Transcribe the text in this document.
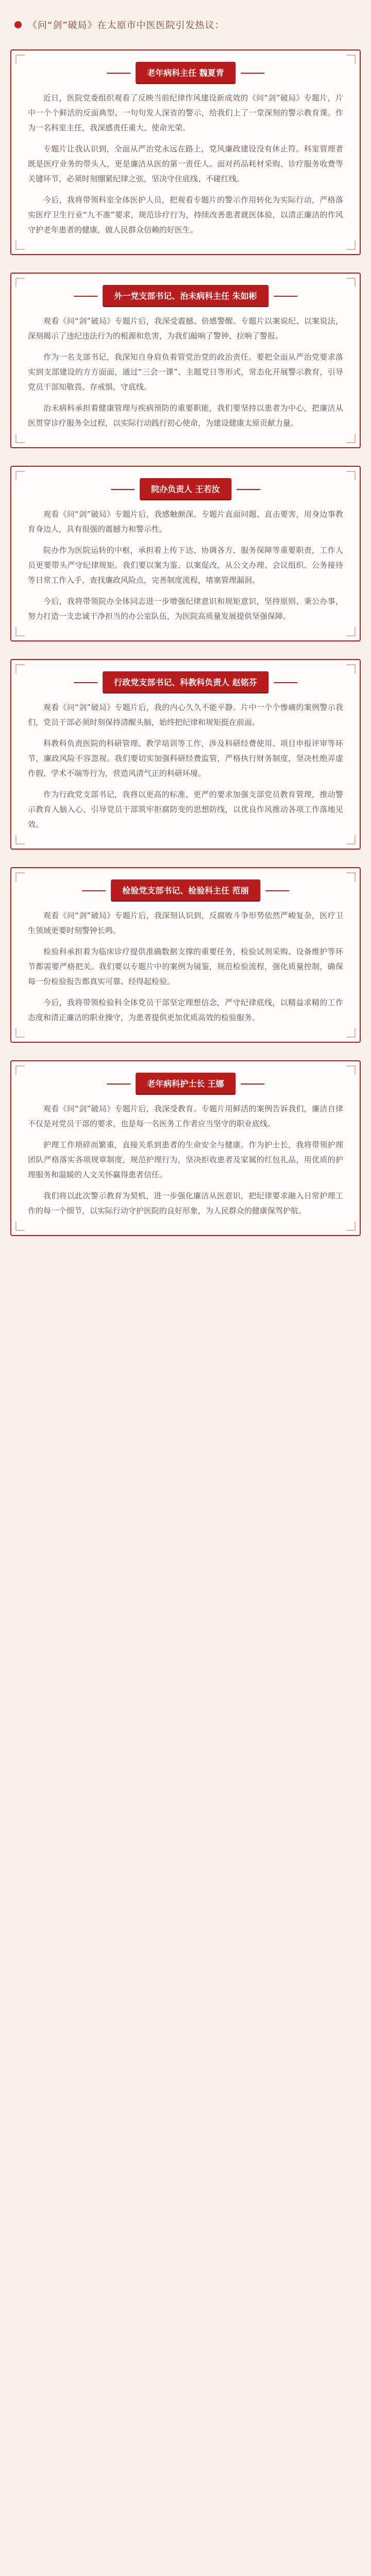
《问“剑”破局》在太原市中医医院引发热议：
老年病科主任 魏夏青

近日，医院党委组织观看了反映当前纪律作风建设新成效的《问“剑”破局》专题片，片中一个个鲜活的反面典型、一句句发人深省的警示，给我们上了一堂深刻的警示教育课。作为一名科室主任，我深感责任重大、使命光荣。

专题片让我认识到，全面从严治党永远在路上，党风廉政建设没有休止符。科室管理者既是医疗业务的带头人，更是廉洁从医的第一责任人。面对药品耗材采购、诊疗服务收费等关键环节，必须时刻绷紧纪律之弦，坚决守住底线、不碰红线。

今后，我将带领科室全体医护人员，把观看专题片的警示作用转化为实际行动，严格落实医疗卫生行业“九不准”要求，规范诊疗行为，持续改善患者就医体验，以清正廉洁的作风守护老年患者的健康，做人民群众信赖的好医生。

外一党支部书记、治未病科主任 朱如彬

观看《问“剑”破局》专题片后，我深受震撼、倍感警醒。专题片以案说纪、以案说法，深刻揭示了违纪违法行为的根源和危害，为我们敲响了警钟、拉响了警报。

作为一名支部书记，我深知自身肩负着管党治党的政治责任。要把全面从严治党要求落实到支部建设的方方面面，通过“三会一课”、主题党日等形式，常态化开展警示教育，引导党员干部知敬畏、存戒惧、守底线。

治未病科承担着健康管理与疾病预防的重要职能，我们要坚持以患者为中心，把廉洁从医贯穿诊疗服务全过程，以实际行动践行初心使命，为建设健康太原贡献力量。

院办负责人 王若汝

观看《问“剑”破局》专题片后，我感触颇深。专题片直面问题、直击要害，用身边事教育身边人，具有很强的震撼力和警示性。

院办作为医院运转的中枢，承担着上传下达、协调各方、服务保障等重要职责，工作人员更要带头严守纪律规矩。我们要以案为鉴、以案促改，从公文办理、会议组织、公务接待等日常工作入手，查找廉政风险点，完善制度流程，堵塞管理漏洞。

今后，我将带领院办全体同志进一步增强纪律意识和规矩意识，坚持原则、秉公办事，努力打造一支忠诚干净担当的办公室队伍，为医院高质量发展提供坚强保障。

行政党支部书记、科教科负责人 赵铭芬

观看《问“剑”破局》专题片后，我的内心久久不能平静。片中一个个惨痛的案例警示我们，党员干部必须时刻保持清醒头脑，始终把纪律和规矩挺在前面。

科教科负责医院的科研管理、教学培训等工作，涉及科研经费使用、项目申报评审等环节，廉政风险不容忽视。我们要切实加强科研经费监管，严格执行财务制度，坚决杜绝弄虚作假、学术不端等行为，营造风清气正的科研环境。

作为行政党支部书记，我将以更高的标准、更严的要求加强支部党员教育管理，推动警示教育入脑入心，引导党员干部筑牢拒腐防变的思想防线，以优良作风推动各项工作落地见效。

检验党支部书记、检验科主任 范丽

观看《问“剑”破局》专题片后，我深刻认识到，反腐败斗争形势依然严峻复杂，医疗卫生领域更要时刻警钟长鸣。

检验科承担着为临床诊疗提供准确数据支撑的重要任务，检验试剂采购、设备维护等环节都需要严格把关。我们要以专题片中的案例为镜鉴，规范检验流程，强化质量控制，确保每一份检验报告都真实可靠、经得起检验。

今后，我将带领检验科全体党员干部坚定理想信念，严守纪律底线，以精益求精的工作态度和清正廉洁的职业操守，为患者提供更加优质高效的检验服务。

老年病科护士长 王娜

观看《问“剑”破局》专题片后，我深受教育。专题片用鲜活的案例告诉我们，廉洁自律不仅是对党员干部的要求，也是每一名医务工作者应当坚守的职业底线。

护理工作琐碎而繁重，直接关系到患者的生命安全与健康。作为护士长，我将带领护理团队严格落实各项规章制度，规范护理行为，坚决拒收患者及家属的红包礼品，用优质的护理服务和温暖的人文关怀赢得患者信任。

我们将以此次警示教育为契机，进一步强化廉洁从医意识，把纪律要求融入日常护理工作的每一个细节，以实际行动守护医院的良好形象，为人民群众的健康保驾护航。
